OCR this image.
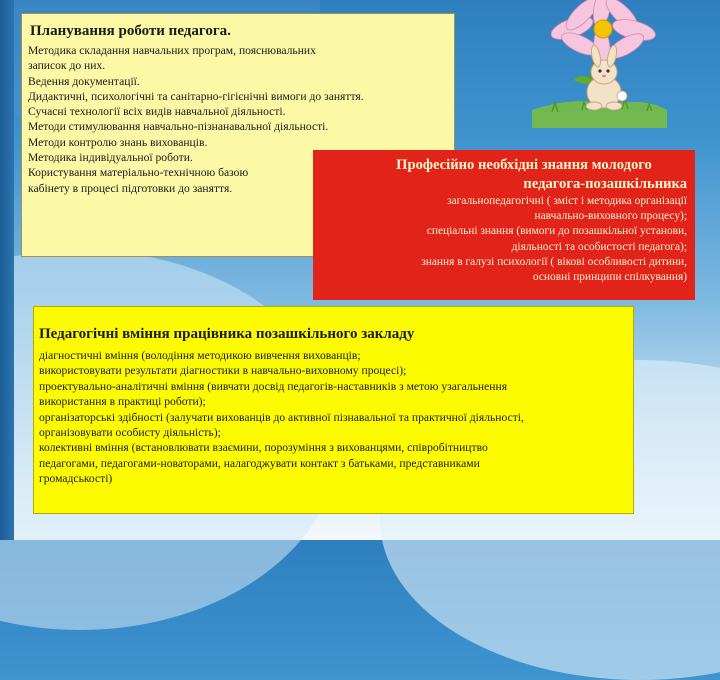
Планування роботи педагога.
Методика складання навчальних програм, пояснювальних
записок до них.
Ведення документації.
Дидактичні, психологічні та санітарно-гігієнічні вимоги до заняття.
Сучасні технології всіх видів навчальної діяльності.
Методи стимулювання навчально-пізнанавальної діяльності.
Методи контролю знань вихованців.
Методика індивідуальної роботи.
Користування матеріально-технічною базою
кабінету в процесі підготовки до заняття.
Професійно необхідні знання молодого
педагога-позашкільника
загальнопедагогічні ( зміст і методика організації
навчально-виховного процесу);
спеціальні знання (вимоги до позашкільної установи,
діяльності та особистості педагога);
знання в галузі психології ( вікові особливості дитини,
основні принципи спілкування)
Педагогічні вміння працівника позашкільного закладу
діагностичні вміння (володіння методикою вивчення вихованців;
використовувати результати діагностики в навчально-виховному процесі);
проектувально-аналітичні вміння (вивчати досвід педагогів-наставників з метою узагальнення
використання в практиці роботи);
організаторські здібності (залучати вихованців до активної пізнавальної та практичної діяльності,
організовувати особисту діяльність);
колективні вміння (встановлювати взаємини, порозуміння з вихованцями, співробітництво
педагогами, педагогами-новаторами, налагоджувати контакт з батьками, представниками
громадськості)
